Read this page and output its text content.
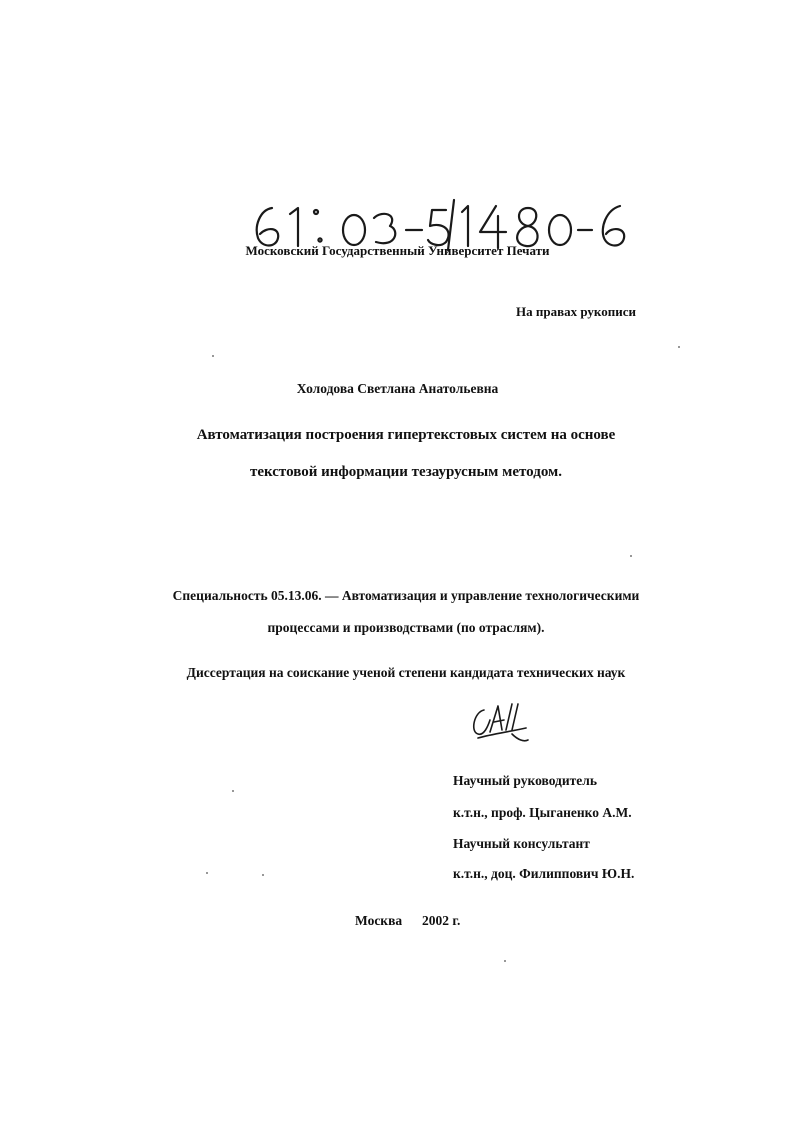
Московский Государственный Университет Печати
На правах рукописи
Холодова Светлана Анатольевна
Автоматизация построения гипертекстовых систем на основе
текстовой информации тезаурусным методом.
Специальность 05.13.06. — Автоматизация и управление технологическими
процессами и производствами (по отраслям).
Диссертация на соискание ученой степени кандидата технических наук
Научный руководитель
к.т.н., проф. Цыганенко А.М.
Научный консультант
к.т.н., доц. Филиппович Ю.Н.
Москва 2002 г.
